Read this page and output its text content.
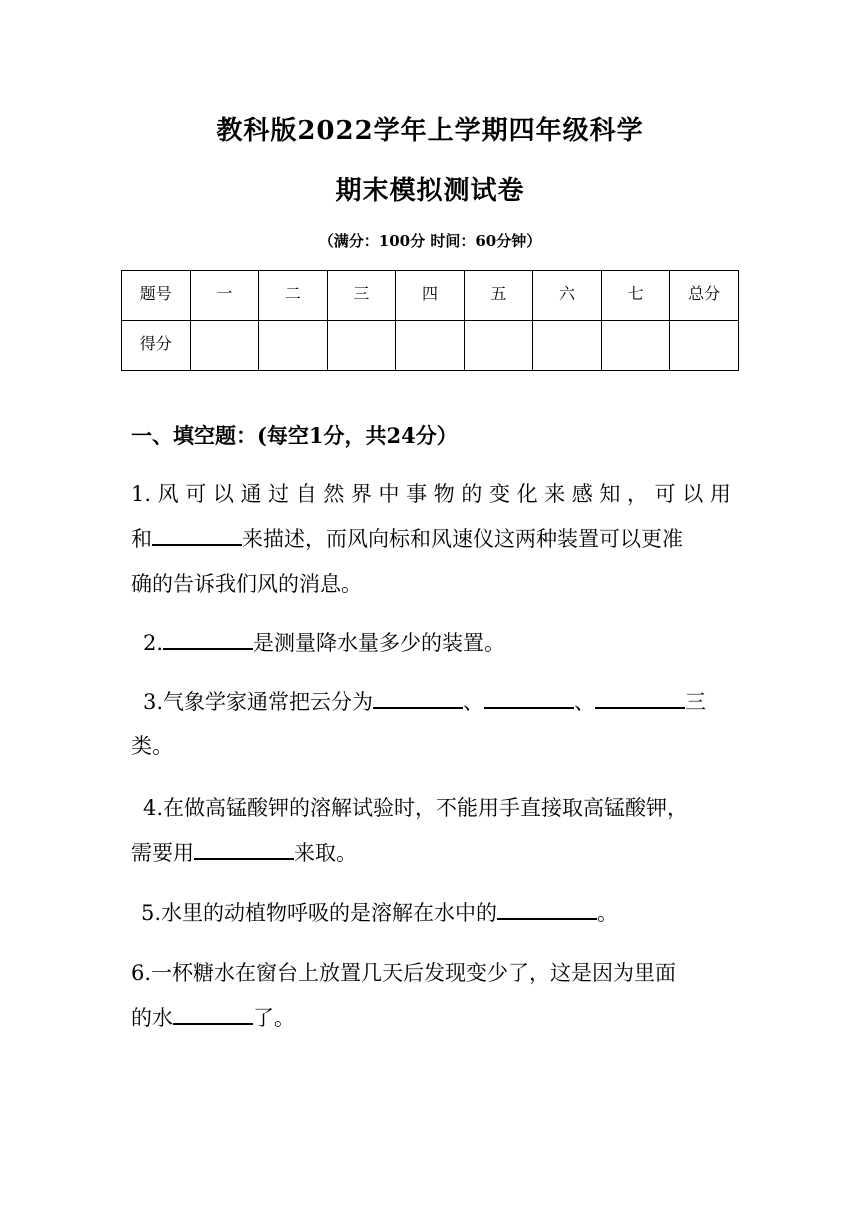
教科版2022学年上学期四年级科学
期末模拟测试卷
（满分：100分 时间：60分钟）
题号	一	二	三	四	五	六	七	总分
得分								
一、填空题：(每空1分，共24分）
1. 风 可 以 通 过 自 然 界 中 事 物 的 变 化 来 感 知 ， 可 以 用
和	来描述，而风向标和风速仪这两种装置可以更准
确的告诉我们风的消息。
2.	是测量降水量多少的装置。
3.气象学家通常把云分为	、	、	三
类。
4.在做高锰酸钾的溶解试验时，不能用手直接取高锰酸钾，
需要用	来取。
5.水里的动植物呼吸的是溶解在水中的	。
6.一杯糖水在窗台上放置几天后发现变少了，这是因为里面
的水	了。
